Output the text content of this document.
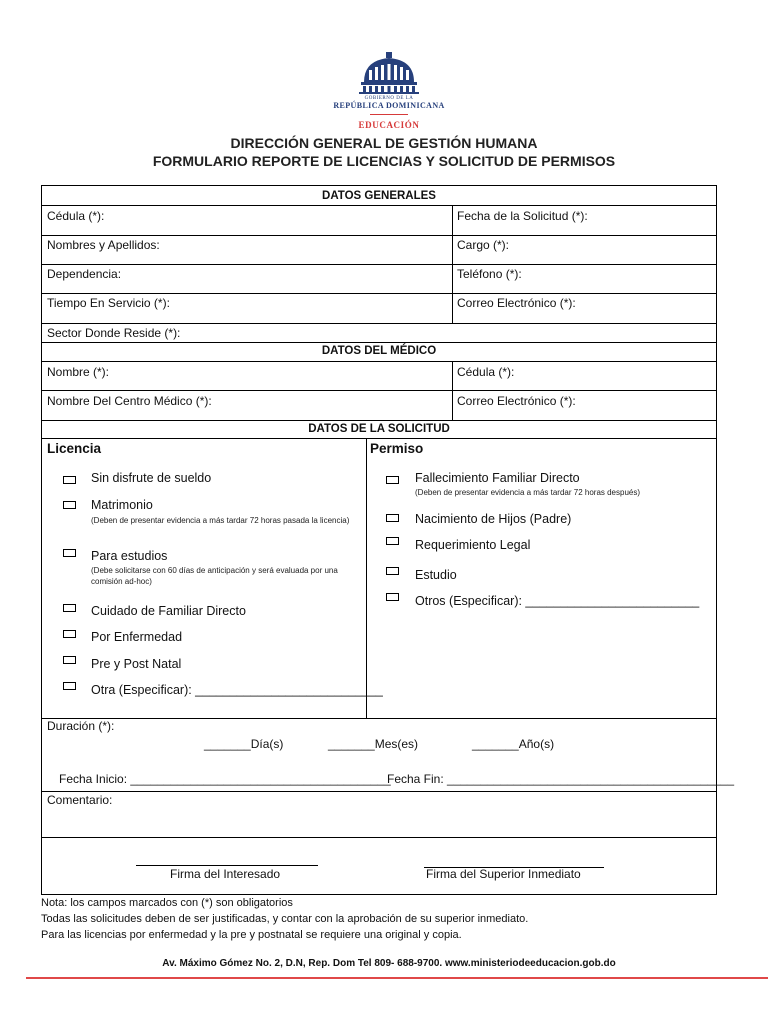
GOBIERNO DE LA
REPÚBLICA DOMINICANA
EDUCACIÓN
DIRECCIÓN GENERAL DE GESTIÓN HUMANA
FORMULARIO REPORTE DE LICENCIAS Y SOLICITUD DE PERMISOS
DATOS GENERALES
Cédula (*):	Fecha de la Solicitud (*):
Nombres y Apellidos:	Cargo (*):
Dependencia:	Teléfono (*):
Tiempo En Servicio (*):	Correo Electrónico (*):
Sector Donde Reside (*):
DATOS DEL MÉDICO
Nombre (*):	Cédula (*):
Nombre Del Centro Médico (*):	Correo Electrónico (*):
DATOS DE LA SOLICITUD
Licencia	Permiso
Sin disfrute de sueldo
Matrimonio
(Deben de presentar evidencia a más tardar 72 horas pasada la licencia)
Para estudios
(Debe solicitarse con 60 días de anticipación y será evaluada por una comisión ad-hoc)
Cuidado de Familiar Directo
Por Enfermedad
Pre y Post Natal
Otra (Especificar): ___________________________
Fallecimiento Familiar Directo
(Deben de presentar evidencia a más tardar 72 horas después)
Nacimiento de Hijos (Padre)
Requerimiento Legal
Estudio
Otros (Especificar): _________________________
Duración (*):
_______Día(s)	_______Mes(es)	_______Año(s)
Fecha Inicio: _______________________________________
Fecha Fin: ___________________________________________
Comentario:
Firma del Interesado	Firma del Superior Inmediato
Nota: los campos marcados con (*) son obligatorios
Todas las solicitudes deben de ser justificadas, y contar con la aprobación de su superior inmediato.
Para las licencias por enfermedad y la pre y postnatal se requiere una original y copia.
Av. Máximo Gómez No. 2, D.N, Rep. Dom Tel 809- 688-9700. www.ministeriodeeducacion.gob.do
